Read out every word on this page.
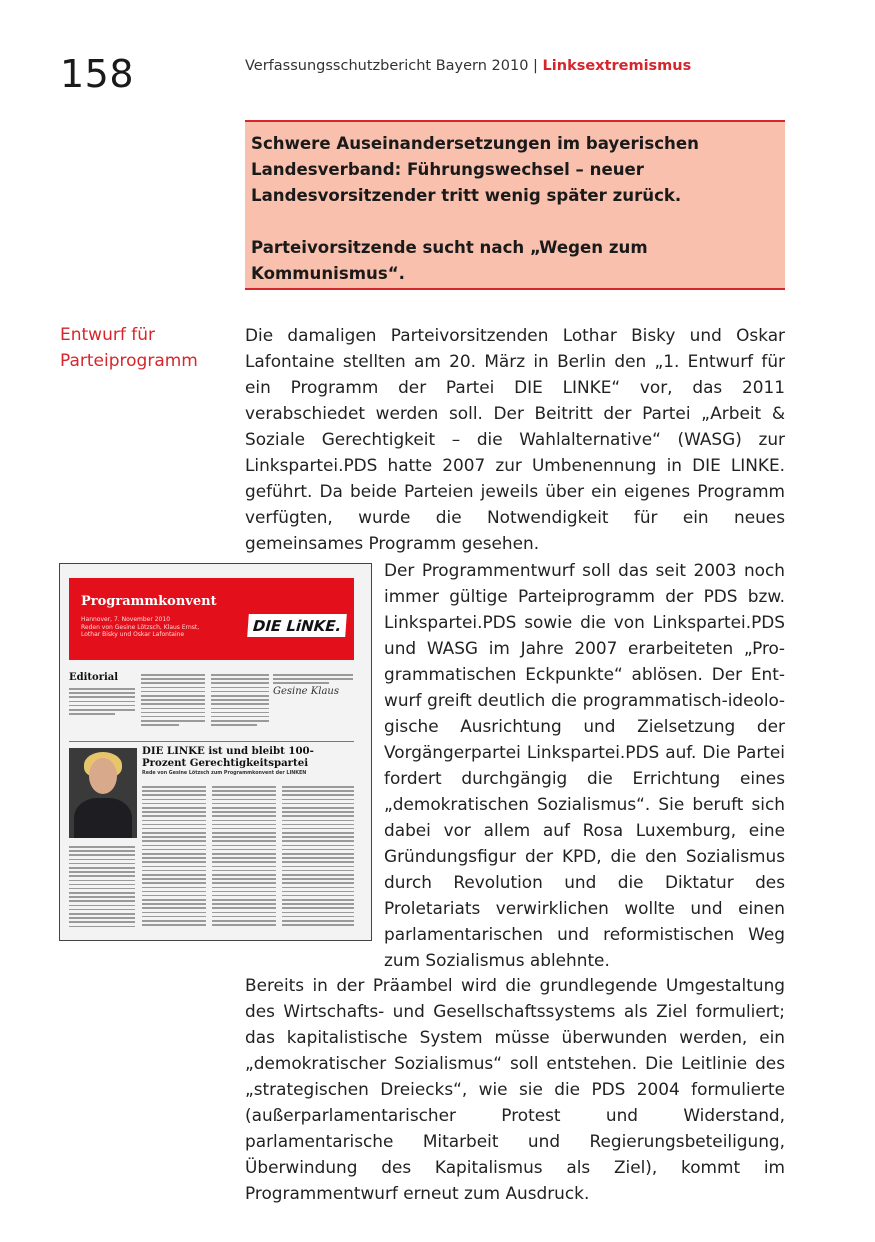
158	Verfassungsschutzbericht Bayern 2010 | Linksextremismus

Schwere Auseinandersetzungen im bayerischen Landesverband: Führungswechsel – neuer Landesvorsitzender tritt wenig später zurück.

Parteivorsitzende sucht nach „Wegen zum Kommunismus“.

Entwurf für Parteiprogramm

Die damaligen Parteivorsitzenden Lothar Bisky und Oskar Lafontaine stellten am 20. März in Berlin den „1. Entwurf für ein Programm der Partei DIE LINKE“ vor, das 2011 verabschiedet werden soll. Der Beitritt der Partei „Arbeit & Soziale Gerechtigkeit – die Wahlalternative“ (WASG) zur Linkspartei.PDS hatte 2007 zur Umbenennung in DIE LINKE. geführt. Da beide Parteien jeweils über ein eigenes Programm verfügten, wurde die Notwendigkeit für ein neues gemeinsames Programm gesehen.

Programmkonvent
Hannover, 7. November 2010
Reden von Gesine Lötzsch, Klaus Ernst,
Lothar Bisky und Oskar Lafontaine	DIE LiNKE.
Editorial
Gesine Klaus
DIE LINKE ist und bleibt 100-Prozent Gerechtigkeitspartei
Rede von Gesine Lötzsch zum Programmkonvent der LINKEN

Der Programmentwurf soll das seit 2003 noch immer gültige Parteiprogramm der PDS bzw. Linkspartei.PDS sowie die von Linkspartei.PDS und WASG im Jahre 2007 erarbeiteten „Programmatischen Eckpunkte“ ablösen. Der Entwurf greift deutlich die programmatisch-ideologische Ausrichtung und Zielsetzung der Vorgängerpartei Linkspartei.PDS auf. Die Partei fordert durchgängig die Errichtung eines „demokratischen Sozialismus“. Sie beruft sich dabei vor allem auf Rosa Luxemburg, eine Gründungsfigur der KPD, die den Sozialismus durch Revolution und die Diktatur des Proletariats verwirklichen wollte und einen parlamentarischen und reformistischen Weg zum Sozialismus ablehnte.

Bereits in der Präambel wird die grundlegende Umgestaltung des Wirtschafts- und Gesellschaftssystems als Ziel formuliert; das kapitalistische System müsse überwunden werden, ein „demokratischer Sozialismus“ soll entstehen. Die Leitlinie des „strategischen Dreiecks“, wie sie die PDS 2004 formulierte (außerparlamentarischer Protest und Widerstand, parlamentarische Mitarbeit und Regierungsbeteiligung, Überwindung des Kapitalismus als Ziel), kommt im Programmentwurf erneut zum Ausdruck.
